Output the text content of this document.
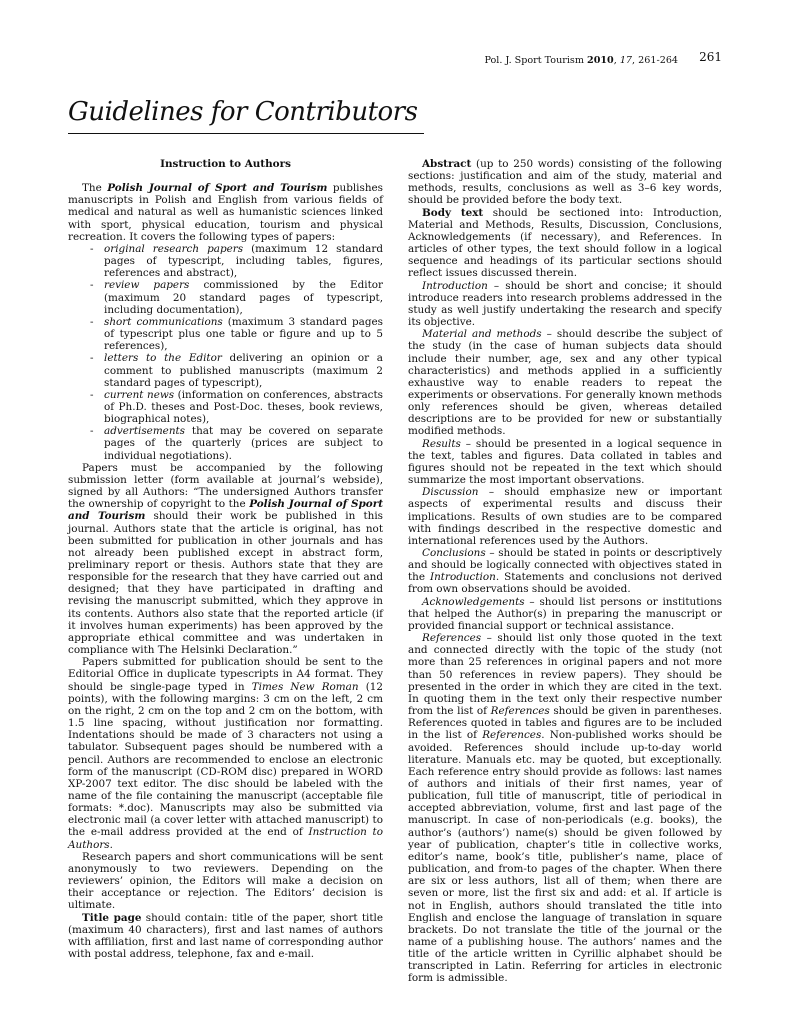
Pol. J. Sport Tourism 2010, 17, 261-264 261
Guidelines for Contributors
Instruction to Authors

The Polish Journal of Sport and Tourism publishes manuscripts in Polish and English from various fields of medical and natural as well as humanistic sciences linked with sport, physical education, tourism and physical recreation. It covers the following types of papers:

- original research papers (maximum 12 standard pages of typescript, including tables, figures, references and abstract),
- review papers commissioned by the Editor (maximum 20 standard pages of typescript, including documentation),
- short communications (maximum 3 standard pages of typescript plus one table or figure and up to 5 references),
- letters to the Editor delivering an opinion or a comment to published manuscripts (maximum 2 standard pages of typescript),
- current news (information on conferences, abstracts of Ph.D. theses and Post-Doc. theses, book reviews, biographical notes),
- advertisements that may be covered on separate pages of the quarterly (prices are subject to individual negotiations).

Papers must be accompanied by the following submission letter (form available at journal’s webside), signed by all Authors: “The undersigned Authors transfer the ownership of copyright to the Polish Journal of Sport and Tourism should their work be published in this journal. Authors state that the article is original, has not been submitted for publication in other journals and has not already been published except in abstract form, preliminary report or thesis. Authors state that they are responsible for the research that they have carried out and designed; that they have participated in drafting and revising the manuscript submitted, which they approve in its contents. Authors also state that the reported article (if it involves human experiments) has been approved by the appropriate ethical committee and was undertaken in compliance with The Helsinki Declaration.”

Papers submitted for publication should be sent to the Editorial Office in duplicate typescripts in A4 format. They should be single-page typed in Times New Roman (12 points), with the following margins: 3 cm on the left, 2 cm on the right, 2 cm on the top and 2 cm on the bottom, with 1.5 line spacing, without justification nor formatting. Indentations should be made of 3 characters not using a tabulator. Subsequent pages should be numbered with a pencil. Authors are recommended to enclose an electronic form of the manuscript (CD-ROM disc) prepared in WORD XP-2007 text editor. The disc should be labeled with the name of the file containing the manuscript (acceptable file formats: *.doc). Manuscripts may also be submitted via electronic mail (a cover letter with attached manuscript) to the e-mail address provided at the end of Instruction to Authors.

Research papers and short communications will be sent anonymously to two reviewers. Depending on the reviewers’ opinion, the Editors will make a decision on their acceptance or rejection. The Editors’ decision is ultimate.

Title page should contain: title of the paper, short title (maximum 40 characters), first and last names of authors with affiliation, first and last name of corresponding author with postal address, telephone, fax and e-mail.

Abstract (up to 250 words) consisting of the following sections: justification and aim of the study, material and methods, results, conclusions as well as 3–6 key words, should be provided before the body text.

Body text should be sectioned into: Introduction, Material and Methods, Results, Discussion, Conclusions, Acknowledgements (if necessary), and References. In articles of other types, the text should follow in a logical sequence and headings of its particular sections should reflect issues discussed therein.

Introduction – should be short and concise; it should introduce readers into research problems addressed in the study as well justify undertaking the research and specify its objective.

Material and methods – should describe the subject of the study (in the case of human subjects data should include their number, age, sex and any other typical characteristics) and methods applied in a sufficiently exhaustive way to enable readers to repeat the experiments or observations. For generally known methods only references should be given, whereas detailed descriptions are to be provided for new or substantially modified methods.

Results – should be presented in a logical sequence in the text, tables and figures. Data collated in tables and figures should not be repeated in the text which should summarize the most important observations.

Discussion – should emphasize new or important aspects of experimental results and discuss their implications. Results of own studies are to be compared with findings described in the respective domestic and international references used by the Authors.

Conclusions – should be stated in points or descriptively and should be logically connected with objectives stated in the Introduction. Statements and conclusions not derived from own observations should be avoided.

Acknowledgements – should list persons or institutions that helped the Author(s) in preparing the manuscript or provided financial support or technical assistance.

References – should list only those quoted in the text and connected directly with the topic of the study (not more than 25 references in original papers and not more than 50 references in review papers). They should be presented in the order in which they are cited in the text. In quoting them in the text only their respective number from the list of References should be given in parentheses. References quoted in tables and figures are to be included in the list of References. Non-published works should be avoided. References should include up-to-day world literature. Manuals etc. may be quoted, but exceptionally. Each reference entry should provide as follows: last names of authors and initials of their first names, year of publication, full title of manuscript, title of periodical in accepted abbreviation, volume, first and last page of the manuscript. In case of non-periodicals (e.g. books), the author’s (authors’) name(s) should be given followed by year of publication, chapter’s title in collective works, editor’s name, book’s title, publisher’s name, place of publication, and from-to pages of the chapter. When there are six or less authors, list all of them; when there are seven or more, list the first six and add: et al. If article is not in English, authors should translated the title into English and enclose the language of translation in square brackets. Do not translate the title of the journal or the name of a publishing house. The authors’ names and the title of the article written in Cyrillic alphabet should be transcripted in Latin. Referring for articles in electronic form is admissible.
